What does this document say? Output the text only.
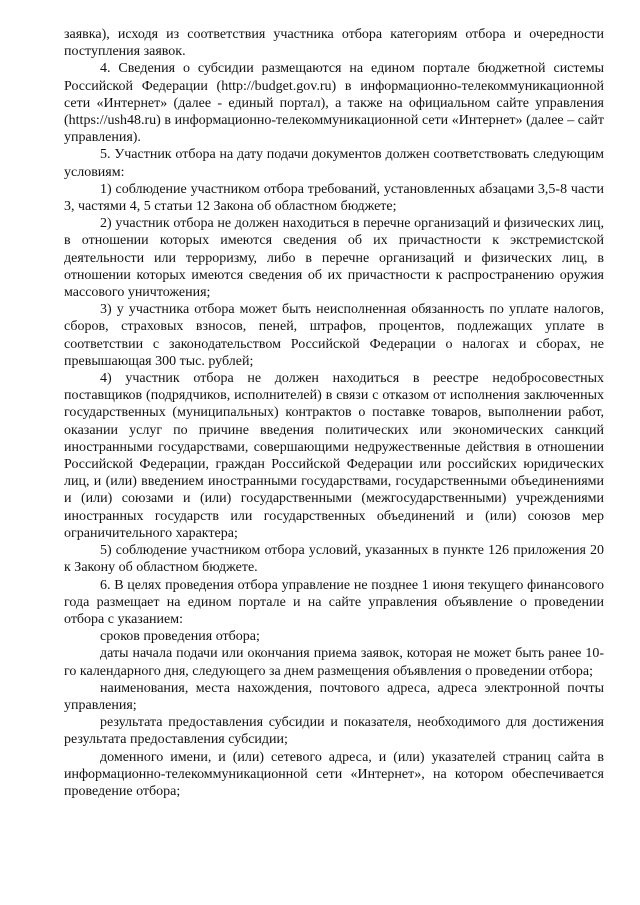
заявка), исходя из соответствия участника отбора категориям отбора и очередности поступления заявок.

4. Сведения о субсидии размещаются на едином портале бюджетной системы Российской Федерации (http://budget.gov.ru) в информационно-телекоммуникационной сети «Интернет» (далее - единый портал), а также на официальном сайте управления (https://ush48.ru) в информационно-телекоммуникационной сети «Интернет» (далее – сайт управления).

5. Участник отбора на дату подачи документов должен соответствовать следующим условиям:

1) соблюдение участником отбора требований, установленных абзацами 3,5-8 части 3, частями 4, 5 статьи 12 Закона об областном бюджете;

2) участник отбора не должен находиться в перечне организаций и физических лиц, в отношении которых имеются сведения об их причастности к экстремистской деятельности или терроризму, либо в перечне организаций и физических лиц, в отношении которых имеются сведения об их причастности к распространению оружия массового уничтожения;

3) у участника отбора может быть неисполненная обязанность по уплате налогов, сборов, страховых взносов, пеней, штрафов, процентов, подлежащих уплате в соответствии с законодательством Российской Федерации о налогах и сборах, не превышающая 300 тыс. рублей;

4) участник отбора не должен находиться в реестре недобросовестных поставщиков (подрядчиков, исполнителей) в связи с отказом от исполнения заключенных государственных (муниципальных) контрактов о поставке товаров, выполнении работ, оказании услуг по причине введения политических или экономических санкций иностранными государствами, совершающими недружественные действия в отношении Российской Федерации, граждан Российской Федерации или российских юридических лиц, и (или) введением иностранными государствами, государственными объединениями и (или) союзами и (или) государственными (межгосударственными) учреждениями иностранных государств или государственных объединений и (или) союзов мер ограничительного характера;

5) соблюдение участником отбора условий, указанных в пункте 126 приложения 20 к Закону об областном бюджете.

6. В целях проведения отбора управление не позднее 1 июня текущего финансового года размещает на едином портале и на сайте управления объявление о проведении отбора с указанием:

сроков проведения отбора;

даты начала подачи или окончания приема заявок, которая не может быть ранее 10-го календарного дня, следующего за днем размещения объявления о проведении отбора;

наименования, места нахождения, почтового адреса, адреса электронной почты управления;

результата предоставления субсидии и показателя, необходимого для достижения результата предоставления субсидии;

доменного имени, и (или) сетевого адреса, и (или) указателей страниц сайта в информационно-телекоммуникационной сети «Интернет», на котором обеспечивается проведение отбора;
